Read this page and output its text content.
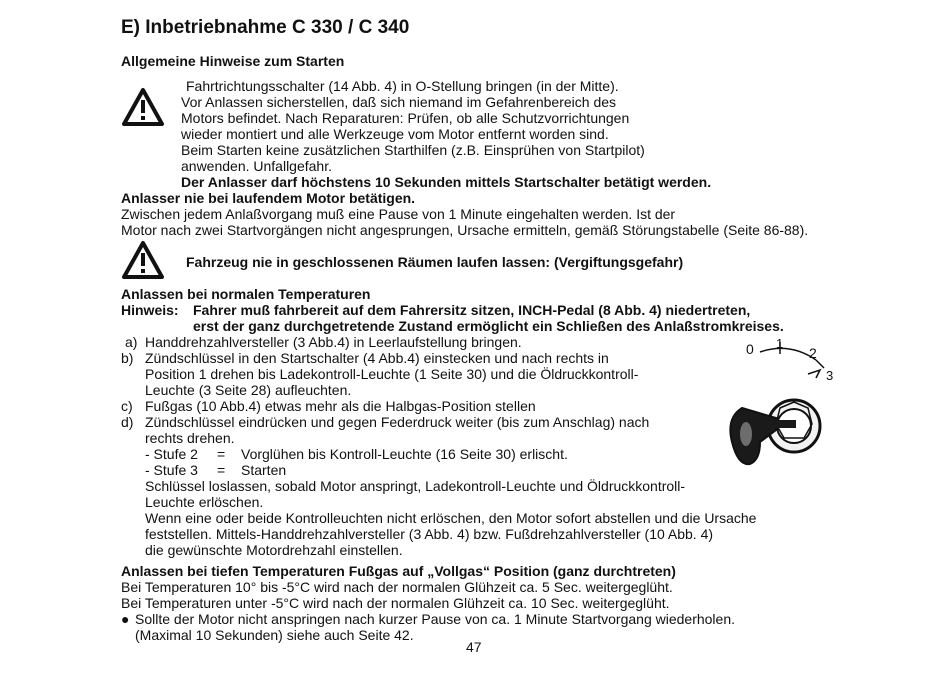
E) Inbetriebnahme C 330 / C 340
Allgemeine Hinweise zum Starten
Fahrtrichtungsschalter (14 Abb. 4) in O-Stellung bringen (in der Mitte).
Vor Anlassen sicherstellen, daß sich niemand im Gefahrenbereich des
Motors befindet. Nach Reparaturen: Prüfen, ob alle Schutzvorrichtungen
wieder montiert und alle Werkzeuge vom Motor entfernt worden sind.
Beim Starten keine zusätzlichen Starthilfen (z.B. Einsprühen von Startpilot)
anwenden. Unfallgefahr.
Der Anlasser darf höchstens 10 Sekunden mittels Startschalter betätigt werden.
Anlasser nie bei laufendem Motor betätigen.
Zwischen jedem Anlaßvorgang muß eine Pause von 1 Minute eingehalten werden. Ist der
Motor nach zwei Startvorgängen nicht angesprungen, Ursache ermitteln, gemäß Störungstabelle (Seite 86-88).
Fahrzeug nie in geschlossenen Räumen laufen lassen: (Vergiftungsgefahr)
Anlassen bei normalen Temperaturen
Hinweis: Fahrer muß fahrbereit auf dem Fahrersitz sitzen, INCH-Pedal (8 Abb. 4) niedertreten,
erst der ganz durchgetretende Zustand ermöglicht ein Schließen des Anlaßstromkreises.
a) Handdrehzahlversteller (3 Abb.4) in Leerlaufstellung bringen.
b) Zündschlüssel in den Startschalter (4 Abb.4) einstecken und nach rechts in
Position 1 drehen bis Ladekontroll-Leuchte (1 Seite 30) und die Öldruckkontroll-
Leuchte (3 Seite 28) aufleuchten.
c) Fußgas (10 Abb.4) etwas mehr als die Halbgas-Position stellen
d) Zündschlüssel eindrücken und gegen Federdruck weiter (bis zum Anschlag) nach
rechts drehen.
- Stufe 2 = Vorglühen bis Kontroll-Leuchte (16 Seite 30) erlischt.
- Stufe 3 = Starten
Schlüssel loslassen, sobald Motor anspringt, Ladekontroll-Leuchte und Öldruckkontroll-
Leuchte erlöschen.
Wenn eine oder beide Kontrolleuchten nicht erlöschen, den Motor sofort abstellen und die Ursache
feststellen. Mittels-Handdrehzahlversteller (3 Abb. 4) bzw. Fußdrehzahlversteller (10 Abb. 4)
die gewünschte Motordrehzahl einstellen.
0 1
2
3
Anlassen bei tiefen Temperaturen Fußgas auf „Vollgas“ Position (ganz durchtreten)
Bei Temperaturen 10° bis -5°C wird nach der normalen Glühzeit ca. 5 Sec. weitergeglüht.
Bei Temperaturen unter -5°C wird nach der normalen Glühzeit ca. 10 Sec. weitergeglüht.
● Sollte der Motor nicht anspringen nach kurzer Pause von ca. 1 Minute Startvorgang wiederholen.
(Maximal 10 Sekunden) siehe auch Seite 42.
47
